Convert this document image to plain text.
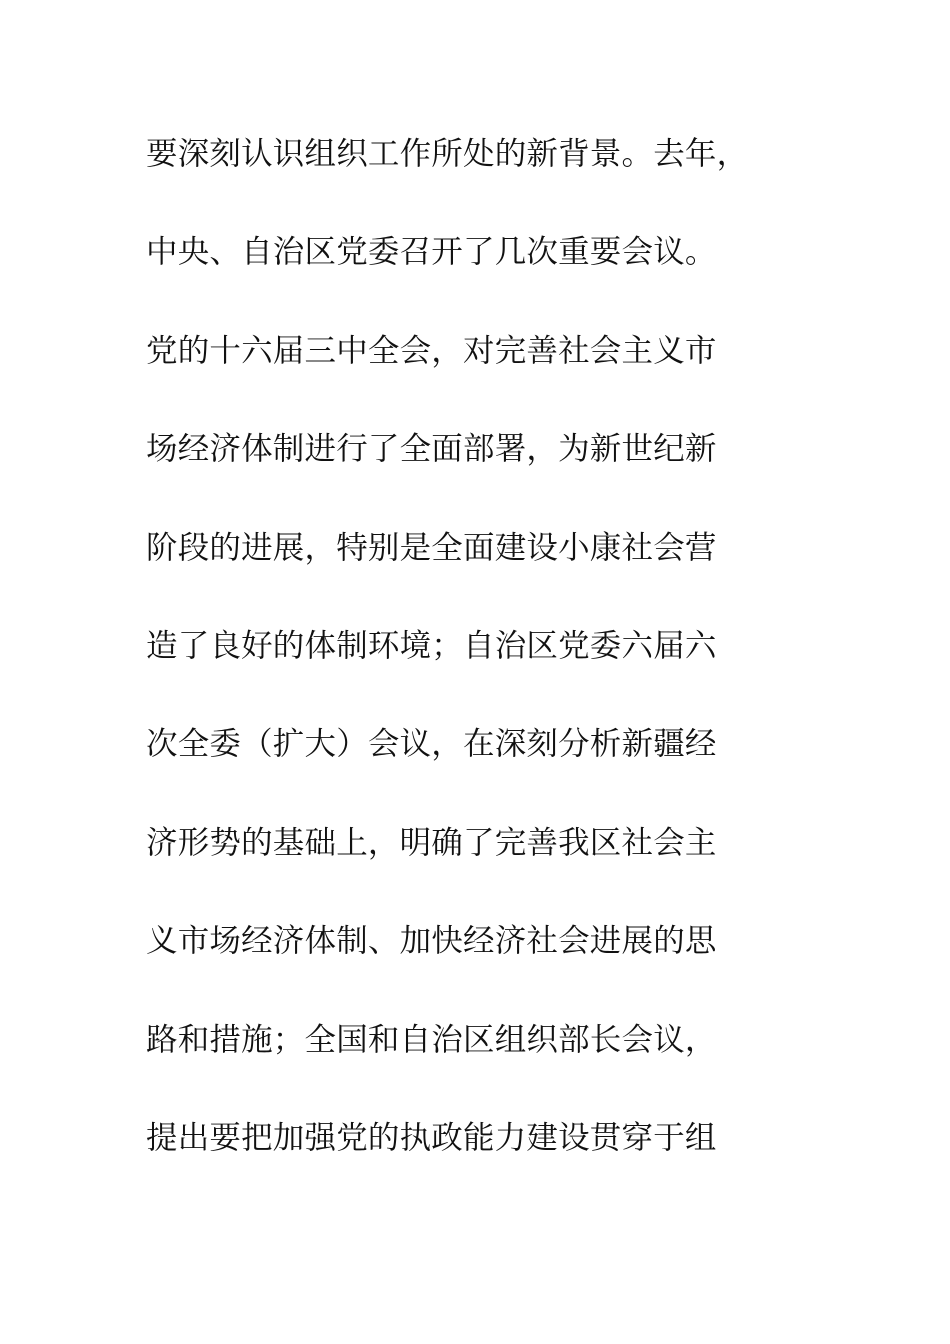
要深刻认识组织工作所处的新背景。去年，
中央、自治区党委召开了几次重要会议。
党的十六届三中全会，对完善社会主义市
场经济体制进行了全面部署，为新世纪新
阶段的进展，特别是全面建设小康社会营
造了良好的体制环境；自治区党委六届六
次全委（扩大）会议，在深刻分析新疆经
济形势的基础上，明确了完善我区社会主
义市场经济体制、加快经济社会进展的思
路和措施；全国和自治区组织部长会议，
提出要把加强党的执政能力建设贯穿于组
